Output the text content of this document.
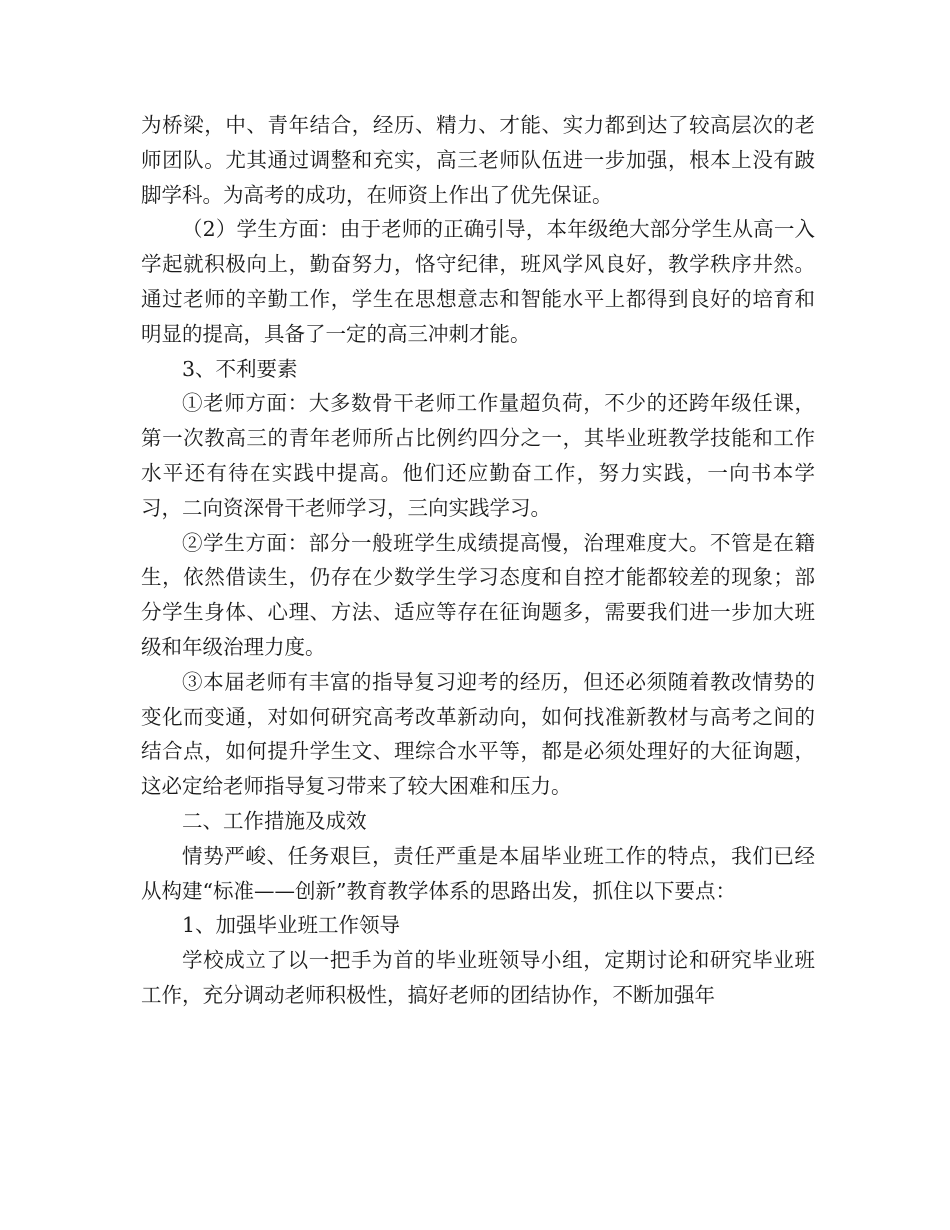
为桥梁，中、青年结合，经历、精力、才能、实力都到达了较高层次的老师团队。尤其通过调整和充实，高三老师队伍进一步加强，根本上没有跛脚学科。为高考的成功，在师资上作出了优先保证。

（2）学生方面：由于老师的正确引导，本年级绝大部分学生从高一入学起就积极向上，勤奋努力，恪守纪律，班风学风良好，教学秩序井然。通过老师的辛勤工作，学生在思想意志和智能水平上都得到良好的培育和明显的提高，具备了一定的高三冲刺才能。

3、不利要素

①老师方面：大多数骨干老师工作量超负荷，不少的还跨年级任课，第一次教高三的青年老师所占比例约四分之一，其毕业班教学技能和工作水平还有待在实践中提高。他们还应勤奋工作，努力实践，一向书本学习，二向资深骨干老师学习，三向实践学习。

②学生方面：部分一般班学生成绩提高慢，治理难度大。不管是在籍生，依然借读生，仍存在少数学生学习态度和自控才能都较差的现象；部分学生身体、心理、方法、适应等存在征询题多，需要我们进一步加大班级和年级治理力度。

③本届老师有丰富的指导复习迎考的经历，但还必须随着教改情势的变化而变通，对如何研究高考改革新动向，如何找准新教材与高考之间的结合点，如何提升学生文、理综合水平等，都是必须处理好的大征询题，这必定给老师指导复习带来了较大困难和压力。

二、工作措施及成效

情势严峻、任务艰巨，责任严重是本届毕业班工作的特点，我们已经从构建“标准——创新”教育教学体系的思路出发，抓住以下要点：

1、加强毕业班工作领导

学校成立了以一把手为首的毕业班领导小组，定期讨论和研究毕业班工作，充分调动老师积极性，搞好老师的团结协作，不断加强年
